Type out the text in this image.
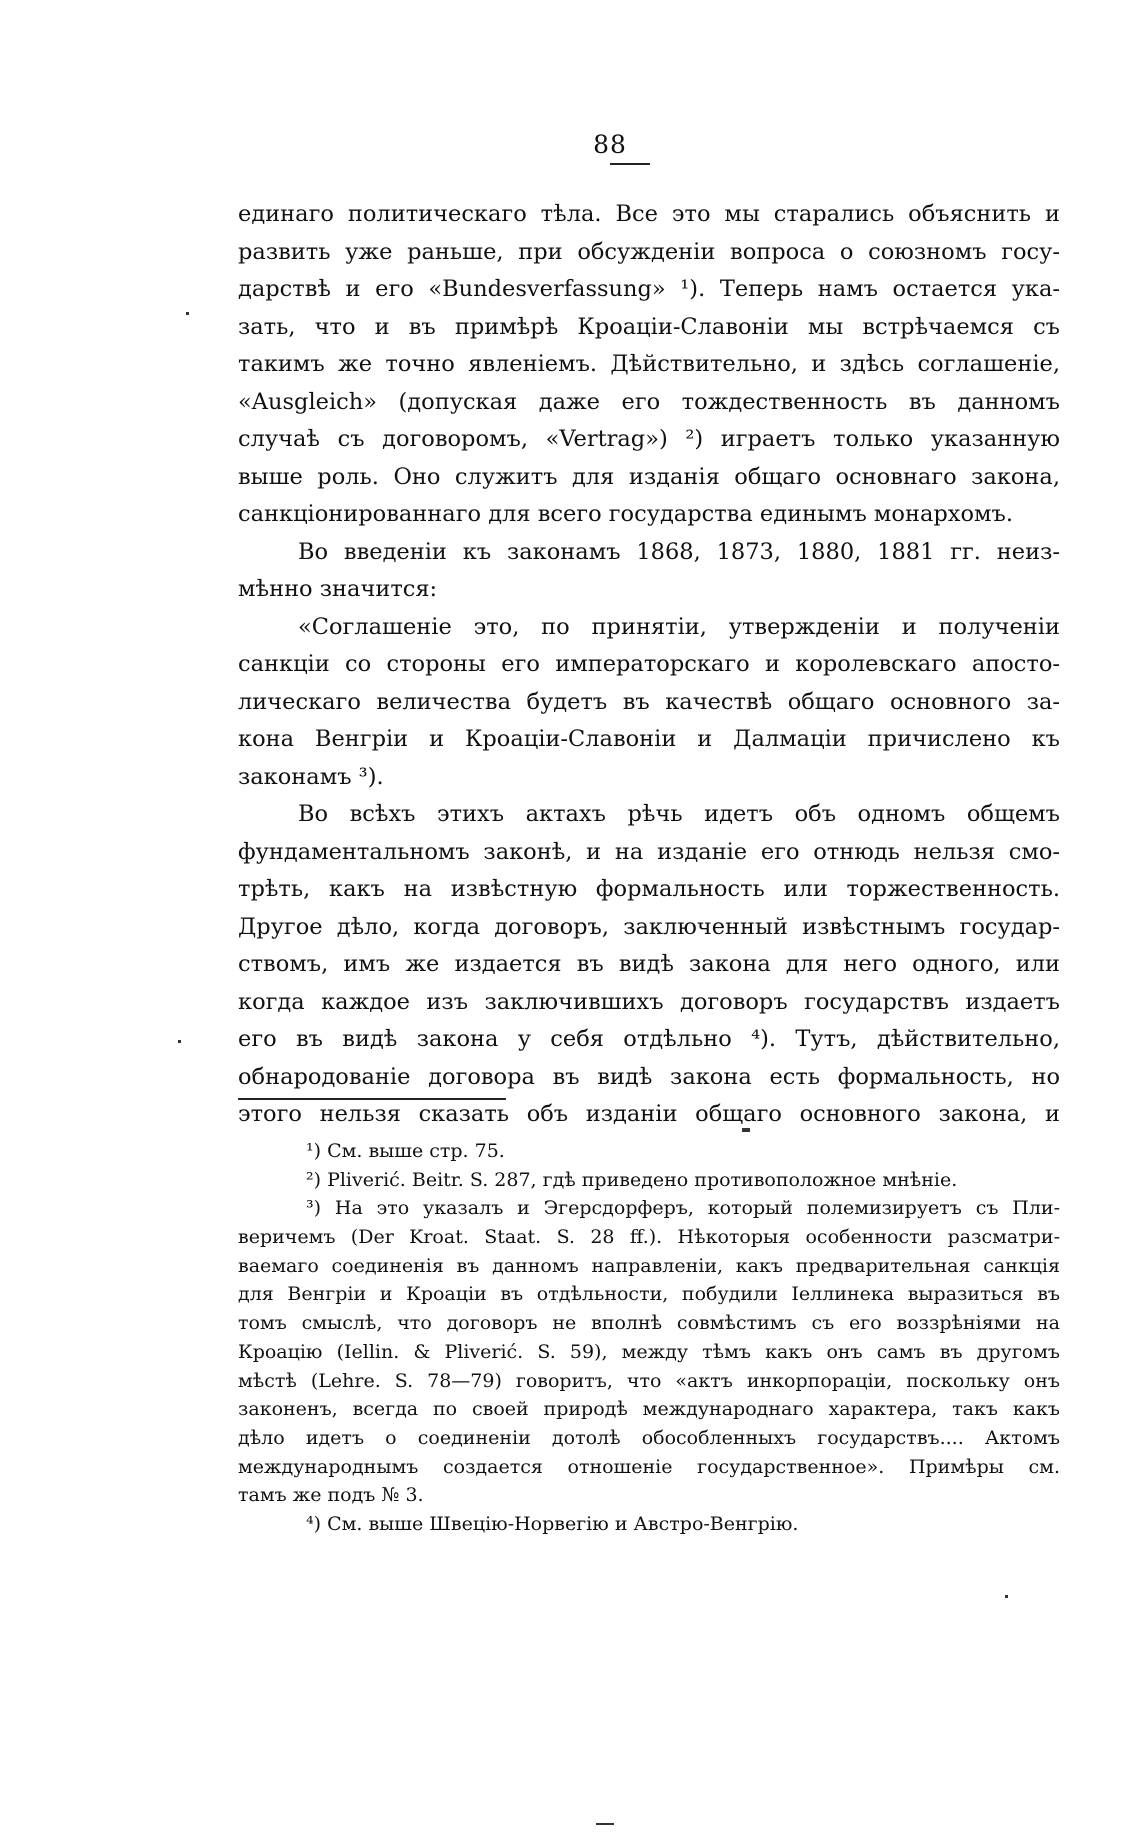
88
единаго политическаго тѣла. Все это мы старались объяснить и
развить уже раньше, при обсужденіи вопроса о союзномъ госу-
дарствѣ и его «Bundesverfassung» ¹). Теперь намъ остается ука-
зать, что и въ примѣрѣ Кроаціи-Славоніи мы встрѣчаемся съ
такимъ же точно явленіемъ. Дѣйствительно, и здѣсь соглашеніе,
«Ausgleich» (допуская даже его тождественность въ данномъ
случаѣ съ договоромъ, «Vertrag») ²) играетъ только указанную
выше роль. Оно служитъ для изданія общаго основнаго закона,
санкціонированнаго для всего государства единымъ монархомъ.
Во введеніи къ законамъ 1868, 1873, 1880, 1881 гг. неиз-
мѣнно значится:
«Соглашеніе это, по принятіи, утвержденіи и полученіи
санкціи со стороны его императорскаго и королевскаго апосто-
лическаго величества будетъ въ качествѣ общаго основного за-
кона Венгріи и Кроаціи-Славоніи и Далмаціи причислено къ
законамъ ³).
Во всѣхъ этихъ актахъ рѣчь идетъ объ одномъ общемъ
фундаментальномъ законѣ, и на изданіе его отнюдь нельзя смо-
трѣть, какъ на извѣстную формальность или торжественность.
Другое дѣло, когда договоръ, заключенный извѣстнымъ государ-
ствомъ, имъ же издается въ видѣ закона для него одного, или
когда каждое изъ заключившихъ договоръ государствъ издаетъ
его въ видѣ закона у себя отдѣльно ⁴). Тутъ, дѣйствительно,
обнародованіе договора въ видѣ закона есть формальность, но
этого нельзя сказать объ изданіи общаго основного закона, и
¹) См. выше стр. 75.
²) Pliverić. Beitr. S. 287, гдѣ приведено противоположное мнѣніе.
³) На это указалъ и Эгерсдорферъ, который полемизируетъ съ Пли-
веричемъ (Der Kroat. Staat. S. 28 ff.). Нѣкоторыя особенности разсматри-
ваемаго соединенія въ данномъ направленіи, какъ предварительная санкція
для Венгріи и Кроаціи въ отдѣльности, побудили Іеллинека выразиться въ
томъ смыслѣ, что договоръ не вполнѣ совмѣстимъ съ его воззрѣніями на
Кроацію (Iellin. & Pliverić. S. 59), между тѣмъ какъ онъ самъ въ другомъ
мѣстѣ (Lehre. S. 78—79) говоритъ, что «актъ инкорпораціи, поскольку онъ
законенъ, всегда по своей природѣ международнаго характера, такъ какъ
дѣло идетъ о соединеніи дотолѣ обособленныхъ государствъ.... Актомъ
международнымъ создается отношеніе государственное». Примѣры см.
тамъ же подъ № 3.
⁴) См. выше Швецію-Норвегію и Австро-Венгрію.
